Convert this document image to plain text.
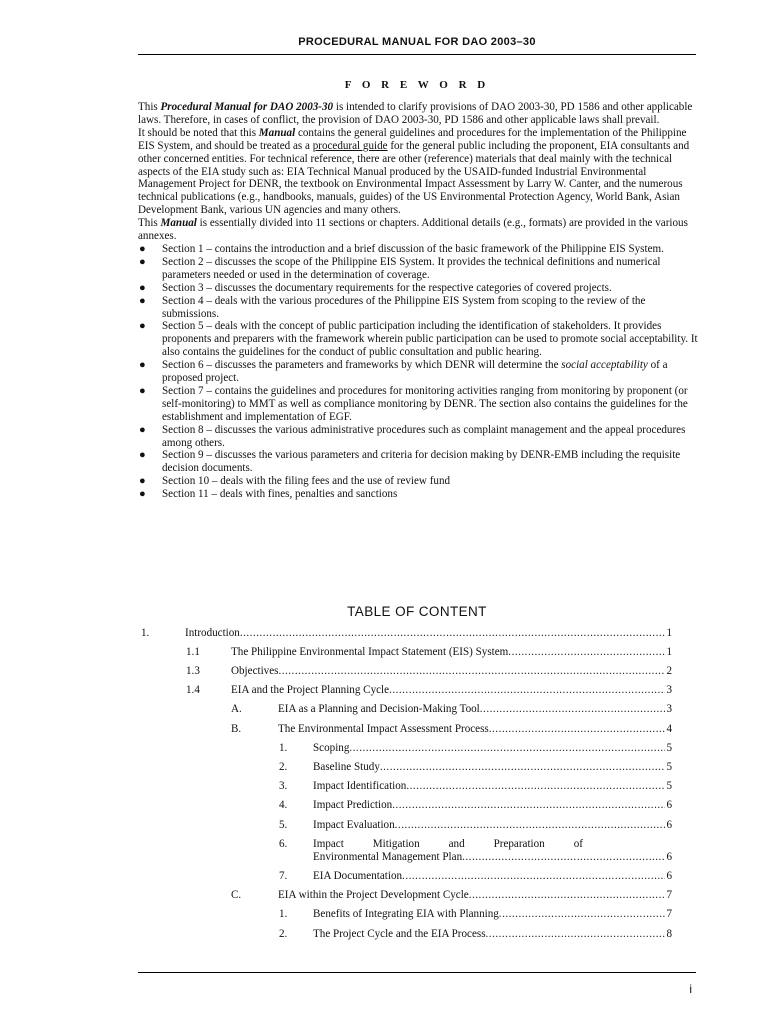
PROCEDURAL MANUAL FOR DAO 2003–30
F O R E W O R D

This Procedural Manual for DAO 2003-30 is intended to clarify provisions of DAO 2003-30, PD 1586 and other applicable laws. Therefore, in cases of conflict, the provision of DAO 2003-30, PD 1586 and other applicable laws shall prevail.

It should be noted that this Manual contains the general guidelines and procedures for the implementation of the Philippine EIS System, and should be treated as a procedural guide for the general public including the proponent, EIA consultants and other concerned entities. For technical reference, there are other (reference) materials that deal mainly with the technical aspects of the EIA study such as: EIA Technical Manual produced by the USAID-funded Industrial Environmental Management Project for DENR, the textbook on Environmental Impact Assessment by Larry W. Canter, and the numerous technical publications (e.g., handbooks, manuals, guides) of the US Environmental Protection Agency, World Bank, Asian Development Bank, various UN agencies and many others.

This Manual is essentially divided into 11 sections or chapters. Additional details (e.g., formats) are provided in the various annexes.

● Section 1 – contains the introduction and a brief discussion of the basic framework of the Philippine EIS System.
● Section 2 – discusses the scope of the Philippine EIS System. It provides the technical definitions and numerical parameters needed or used in the determination of coverage.
● Section 3 – discusses the documentary requirements for the respective categories of covered projects.
● Section 4 – deals with the various procedures of the Philippine EIS System from scoping to the review of the submissions.
● Section 5 – deals with the concept of public participation including the identification of stakeholders. It provides proponents and preparers with the framework wherein public participation can be used to promote social acceptability. It also contains the guidelines for the conduct of public consultation and public hearing.
● Section 6 – discusses the parameters and frameworks by which DENR will determine the social acceptability of a proposed project.
● Section 7 – contains the guidelines and procedures for monitoring activities ranging from monitoring by proponent (or self-monitoring) to MMT as well as compliance monitoring by DENR. The section also contains the guidelines for the establishment and implementation of EGF.
● Section 8 – discusses the various administrative procedures such as complaint management and the appeal procedures among others.
● Section 9 – discusses the various parameters and criteria for decision making by DENR-EMB including the requisite decision documents.
● Section 10 – deals with the filing fees and the use of review fund
● Section 11 – deals with fines, penalties and sanctions
TABLE OF CONTENT
1.	Introduction .....	1
1.1	The Philippine Environmental Impact Statement (EIS) System .....	1
1.3	Objectives .....	2
1.4	EIA and the Project Planning Cycle .....	3
A.	EIA as a Planning and Decision-Making Tool .....	3
B.	The Environmental Impact Assessment Process .....	4
1. Scoping .....	5
2. Baseline Study .....	5
3. Impact Identification .....	5
4. Impact Prediction .....	6
5. Impact Evaluation .....	6
6. Impact	Mitigation	and	Preparation	of
Environmental Management Plan .....	6
7. EIA Documentation .....	6
C.	EIA within the Project Development Cycle .....	7
1. Benefits of Integrating EIA with Planning .....	7
2. The Project Cycle and the EIA Process .....	8
i
